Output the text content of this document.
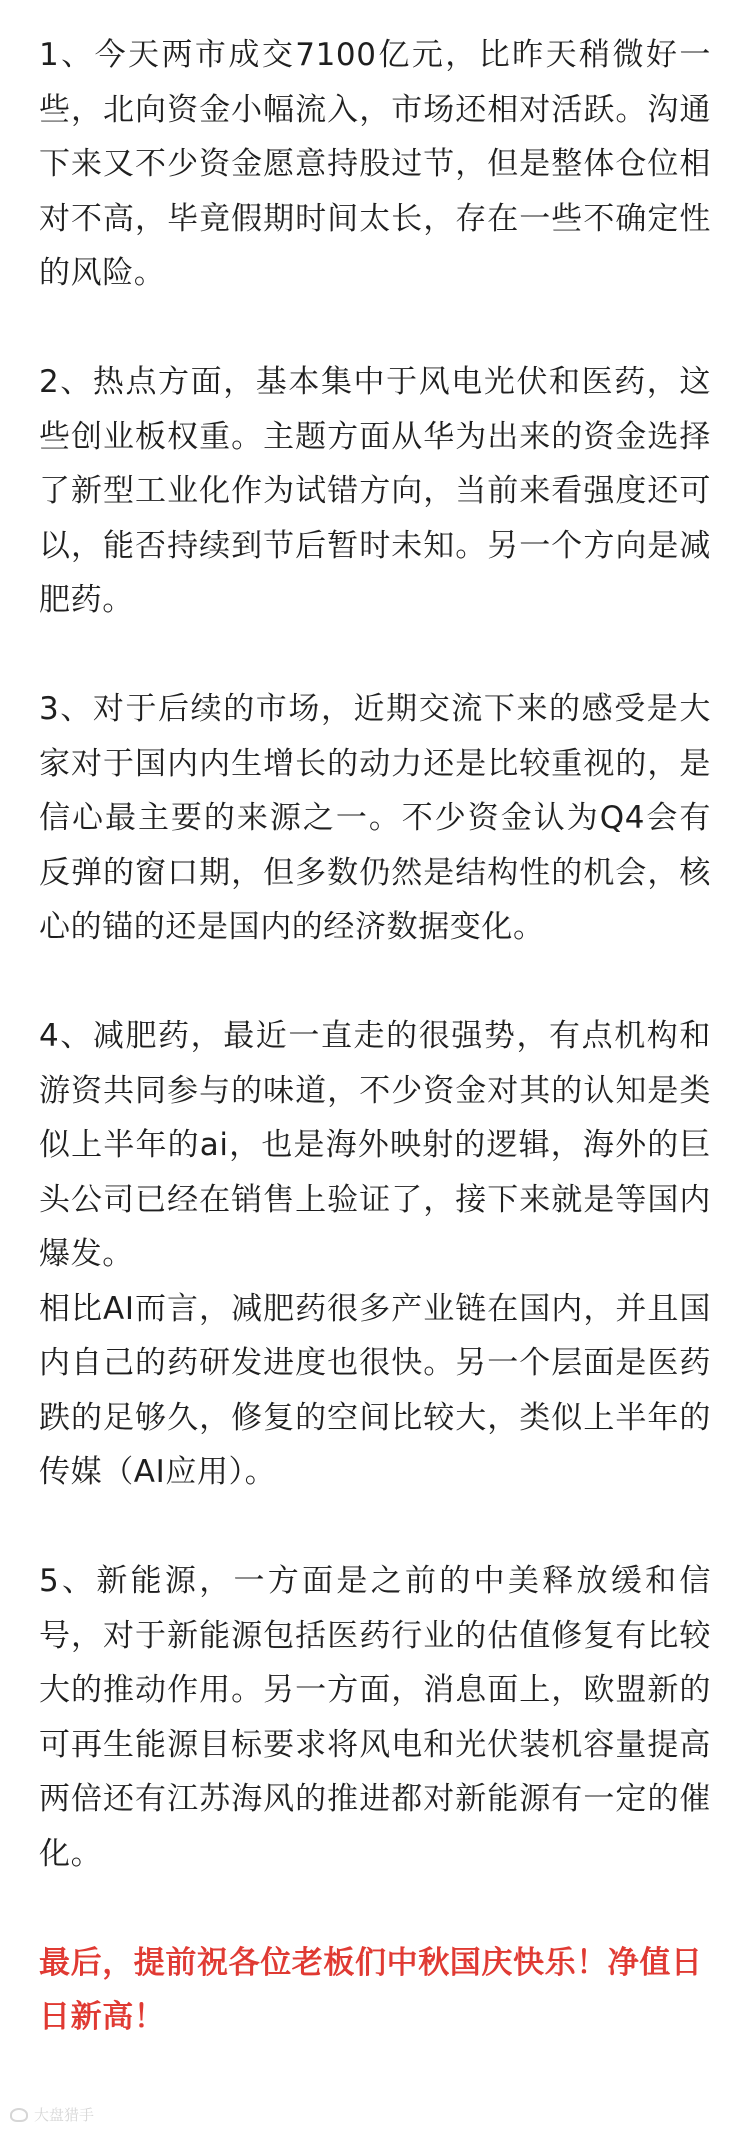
1、今天两市成交7100亿元，比昨天稍微好一些，北向资金小幅流入，市场还相对活跃。沟通下来又不少资金愿意持股过节，但是整体仓位相对不高，毕竟假期时间太长，存在一些不确定性的风险。

2、热点方面，基本集中于风电光伏和医药，这些创业板权重。主题方面从华为出来的资金选择了新型工业化作为试错方向，当前来看强度还可以，能否持续到节后暂时未知。另一个方向是减肥药。

3、对于后续的市场，近期交流下来的感受是大家对于国内内生增长的动力还是比较重视的，是信心最主要的来源之一。不少资金认为Q4会有反弹的窗口期，但多数仍然是结构性的机会，核心的锚的还是国内的经济数据变化。

4、减肥药，最近一直走的很强势，有点机构和游资共同参与的味道，不少资金对其的认知是类似上半年的ai，也是海外映射的逻辑，海外的巨头公司已经在销售上验证了，接下来就是等国内爆发。

相比AI而言，减肥药很多产业链在国内，并且国内自己的药研发进度也很快。另一个层面是医药跌的足够久，修复的空间比较大，类似上半年的传媒（AI应用）。

5、新能源，一方面是之前的中美释放缓和信号，对于新能源包括医药行业的估值修复有比较大的推动作用。另一方面，消息面上，欧盟新的可再生能源目标要求将风电和光伏装机容量提高两倍还有江苏海风的推进都对新能源有一定的催化。

最后，提前祝各位老板们中秋国庆快乐！净值日日新高！

大盘猎手
